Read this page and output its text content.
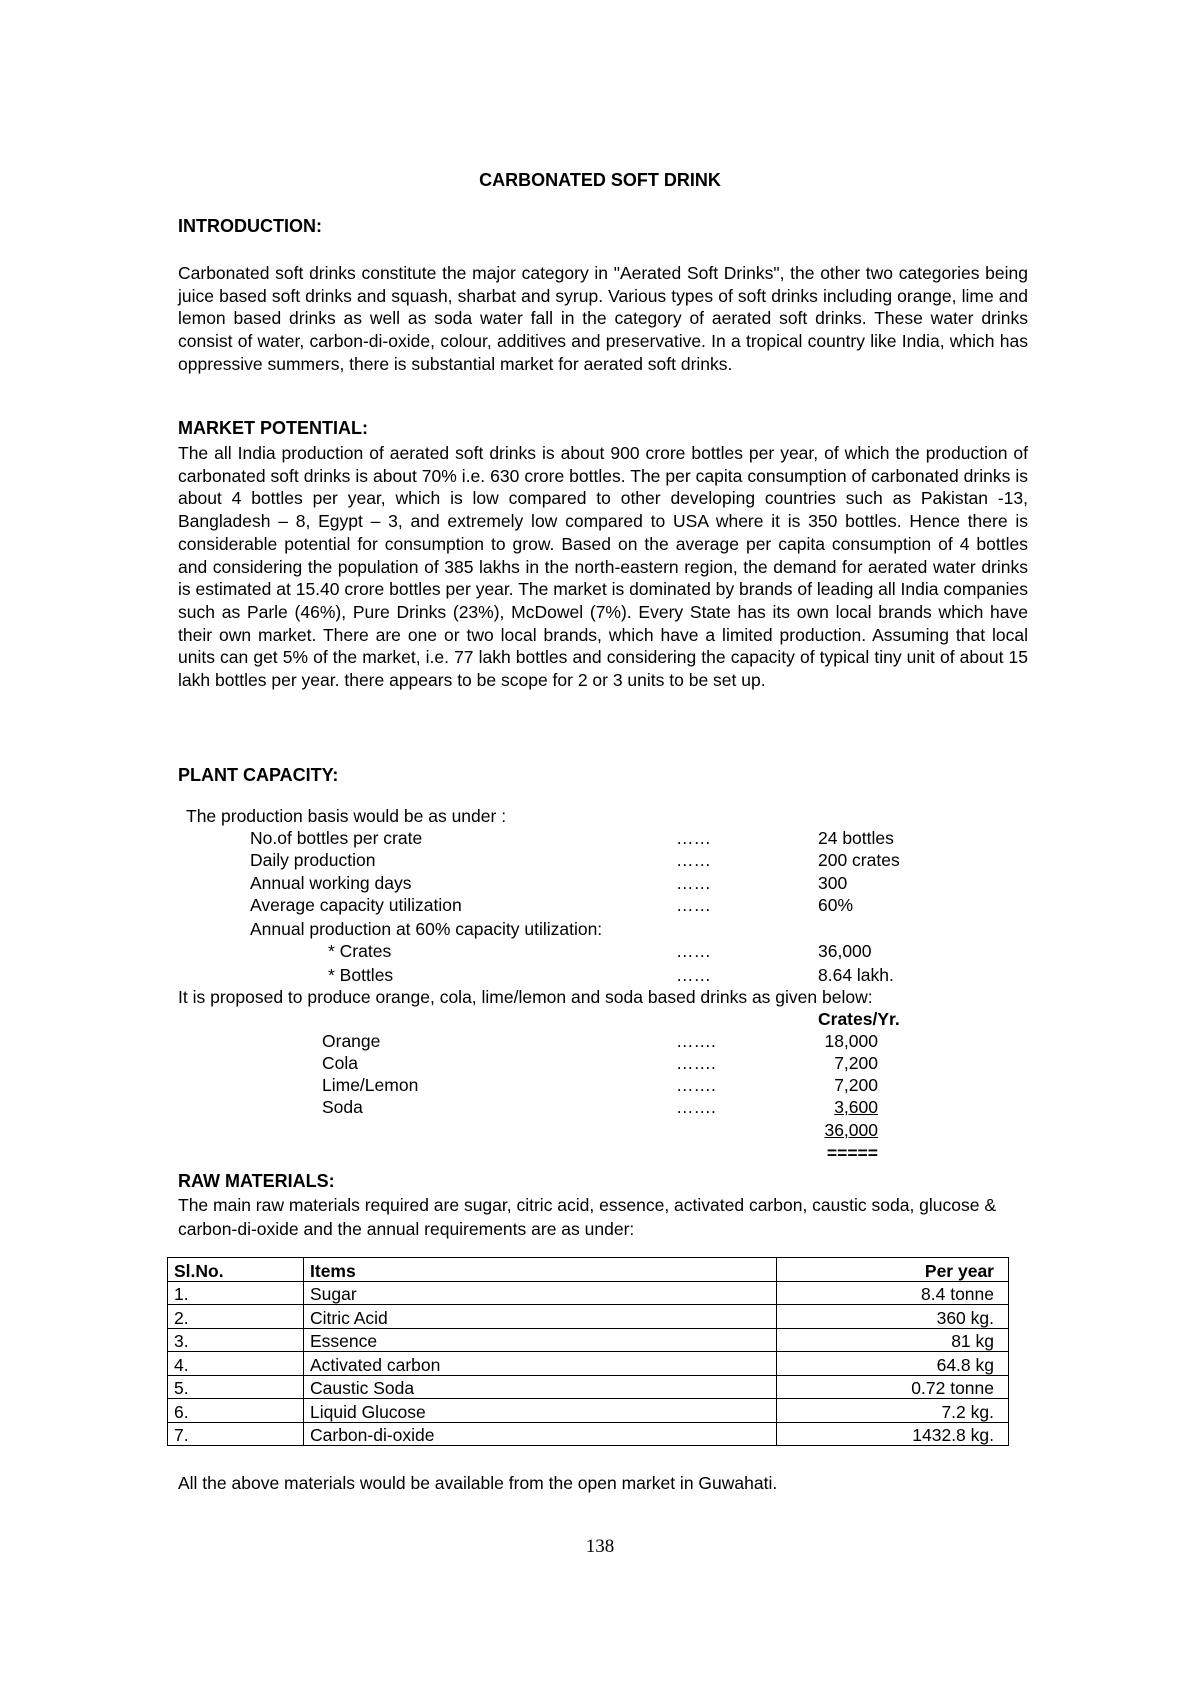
CARBONATED SOFT DRINK
INTRODUCTION:
Carbonated soft drinks constitute the major category in "Aerated Soft Drinks", the other two categories being juice based soft drinks and squash, sharbat and syrup. Various types of soft drinks including orange, lime and lemon based drinks as well as soda water fall in the category of aerated soft drinks. These water drinks consist of water, carbon-di-oxide, colour, additives and preservative. In a tropical country like India, which has oppressive summers, there is substantial market for aerated soft drinks.
MARKET POTENTIAL:
The all India production of aerated soft drinks is about 900 crore bottles per year, of which the production of carbonated soft drinks is about 70% i.e. 630 crore bottles. The per capita consumption of carbonated drinks is about 4 bottles per year, which is low compared to other developing countries such as Pakistan -13, Bangladesh – 8, Egypt – 3, and extremely low compared to USA where it is 350 bottles. Hence there is considerable potential for consumption to grow. Based on the average per capita consumption of 4 bottles and considering the population of 385 lakhs in the north-eastern region, the demand for aerated water drinks is estimated at 15.40 crore bottles per year. The market is dominated by brands of leading all India companies such as Parle (46%), Pure Drinks (23%), McDowel (7%). Every State has its own local brands which have their own market. There are one or two local brands, which have a limited production. Assuming that local units can get 5% of the market, i.e. 77 lakh bottles and considering the capacity of typical tiny unit of about 15 lakh bottles per year. there appears to be scope for 2 or 3 units to be set up.
PLANT CAPACITY:
The production basis would be as under :
No.of bottles per crate	……	24 bottles
Daily production	……	200 crates
Annual working days	……	300
Average capacity utilization	……	60%
Annual production at 60% capacity utilization:
* Crates	……	36,000
* Bottles	……	8.64 lakh.
It is proposed to produce orange, cola, lime/lemon and soda based drinks as given below:
Crates/Yr.
Orange	…….	18,000
Cola	…….	7,200
Lime/Lemon	…….	7,200
Soda	…….	3,600
36,000
=====
RAW MATERIALS:
The main raw materials required are sugar, citric acid, essence, activated carbon, caustic soda, glucose & carbon-di-oxide and the annual requirements are as under:
Sl.No.	Items	Per year
1.	Sugar	8.4 tonne
2.	Citric Acid	360 kg.
3.	Essence	81 kg
4.	Activated carbon	64.8 kg
5.	Caustic Soda	0.72 tonne
6.	Liquid Glucose	7.2 kg.
7.	Carbon-di-oxide	1432.8 kg.
All the above materials would be available from the open market in Guwahati.
138
